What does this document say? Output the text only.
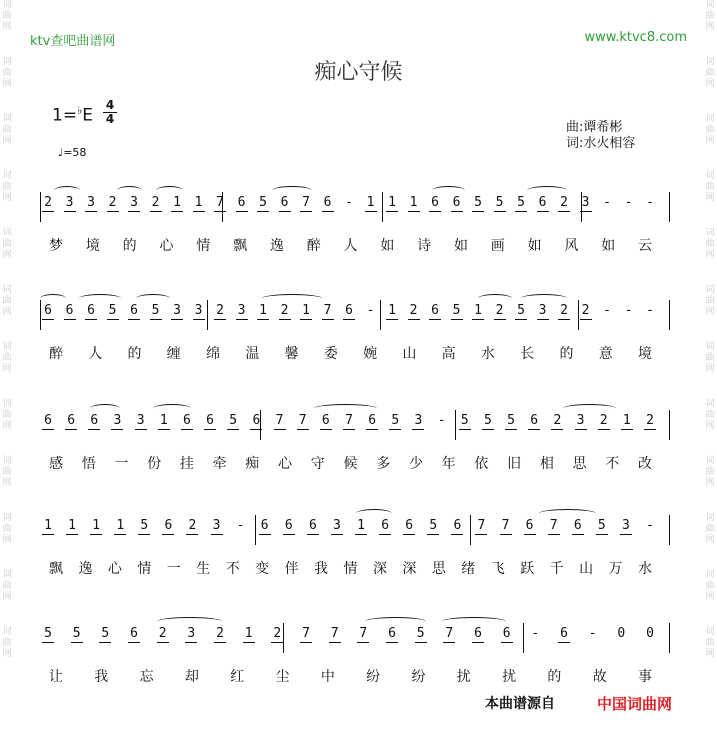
词曲网
词曲网
词曲网
词曲网
词曲网
词曲网
词曲网
词曲网
词曲网
词曲网
词曲网
词曲网
词曲网
词曲网
词曲网
词曲网
词曲网
词曲网
词曲网
词曲网
词曲网
词曲网
词曲网
词曲网
ktv查吧曲谱网	www.ktvc8.com
痴心守候
1=♭E
4
4
♩=58
曲:谭希彬
词:水火相容
2 3 3 2 3 2 1 1 7 6 5 6 7 6 - 1 1 1 6 6 5 5 5 6 2 3 - - -
梦 境 的 心 情 飘 逸 醉 人 如 诗 如 画 如 风 如 云
6 6 6 5 6 5 3 3 2 3 1 2 1 7 6 - 1 2 6 5 1 2 5 3 2 2 - - -
醉 人 的 缠 绵 温 馨 委 婉 山 高 水 长 的 意 境
6 6 6 3 3 1 6 6 5 6 7 7 6 7 6 5 3 - 5 5 5 6 2 3 2 1 2
感 悟 一 份 挂 牵 痴 心 守 候 多 少 年 依 旧 相 思 不 改
1 1 1 1 5 6 2 3 - 6 6 6 3 1 6 6 5 6 7 7 6 7 6 5 3 -
飘 逸 心 情 一 生 不 变 伴 我 情 深 深 思 绪 飞 跃 千 山 万 水
5 5 5 6 2 3 2 1 2 7 7 7 6 5 7 6 6 - 6 - 0 0
让 我 忘 却 红 尘 中 纷 纷 扰 扰 的 故 事
本曲谱源自	中国词曲网
